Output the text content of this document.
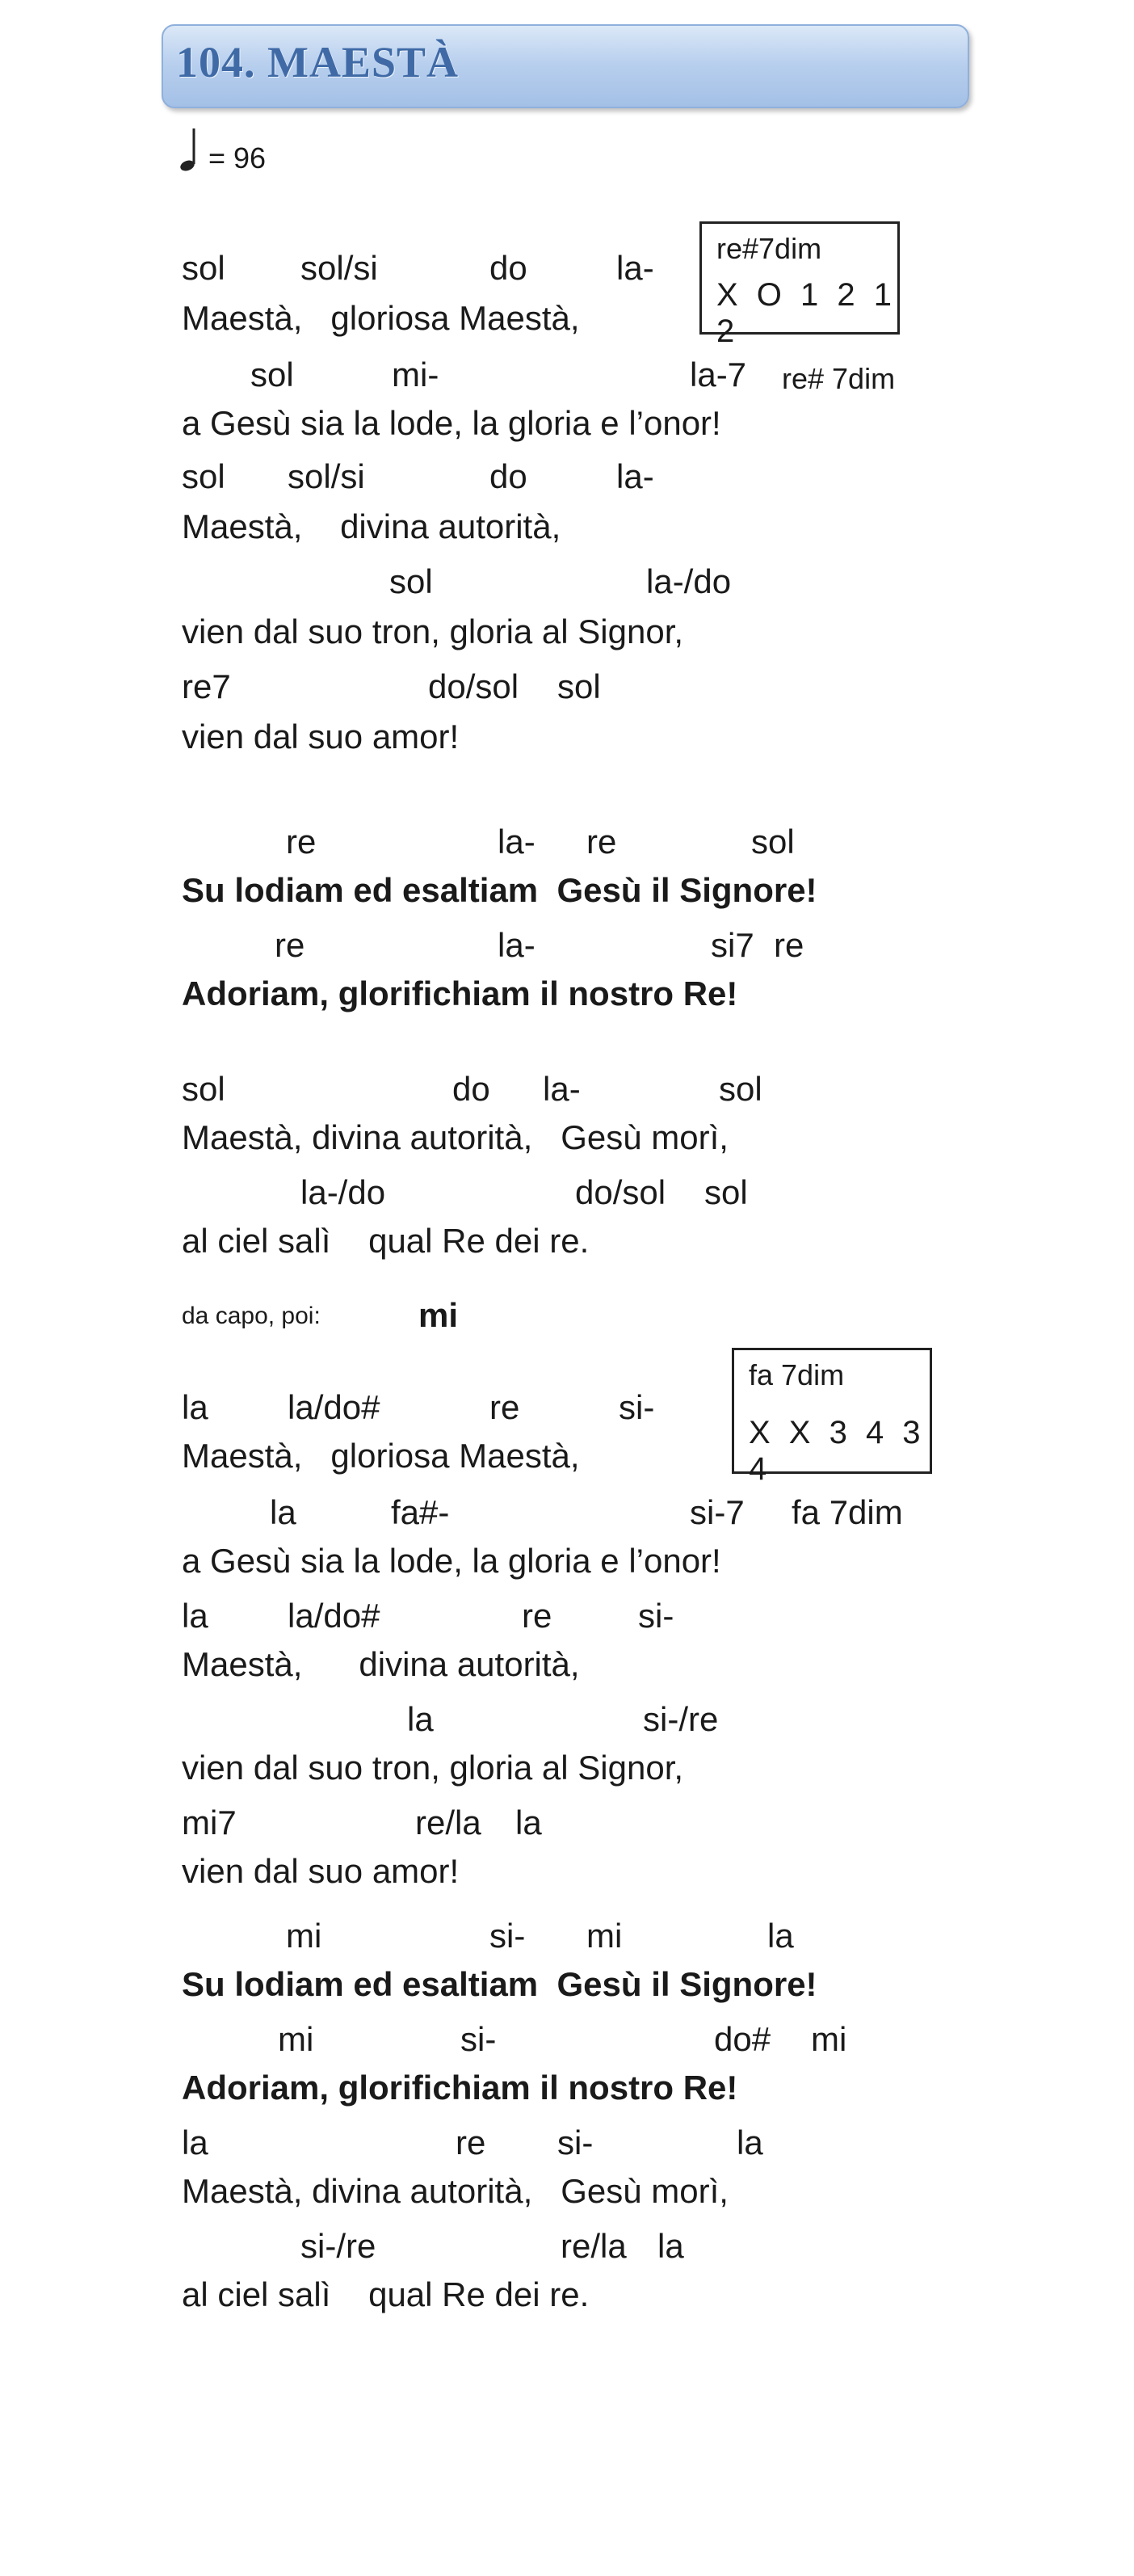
104. MAESTÀ
= 96
re#7dim
X O 1 2 1 2
sol sol/si	do	la-
Maestà,   gloriosa Maestà,
sol	mi-	la-7 re# 7dim
a Gesù sia la lode, la gloria e l’onor!
sol sol/si	do	la-
Maestà,    divina autorità,
sol	la-/do
vien dal suo tron, gloria al Signor,
re7	do/sol sol
vien dal suo amor!
re	la- re	sol
Su lodiam ed esaltiam  Gesù il Signore!
re	la-	si7 re
Adoriam, glorifichiam il nostro Re!
sol	do la-	sol
Maestà, divina autorità,   Gesù morì,
la-/do	do/sol sol
al ciel salì    qual Re dei re.
da capo, poi:	mi
fa 7dim
X X 3 4 3 4
la la/do#	re	si-
Maestà,   gloriosa Maestà,
la	fa#-	si-7 fa 7dim
a Gesù sia la lode, la gloria e l’onor!
la la/do#	re	si-
Maestà,      divina autorità,
la	si-/re
vien dal suo tron, gloria al Signor,
mi7	re/la la
vien dal suo amor!
mi	si- mi	la
Su lodiam ed esaltiam  Gesù il Signore!
mi	si-	do# mi
Adoriam, glorifichiam il nostro Re!
la	re si-	la
Maestà, divina autorità,   Gesù morì,
si-/re	re/la la
al ciel salì    qual Re dei re.
